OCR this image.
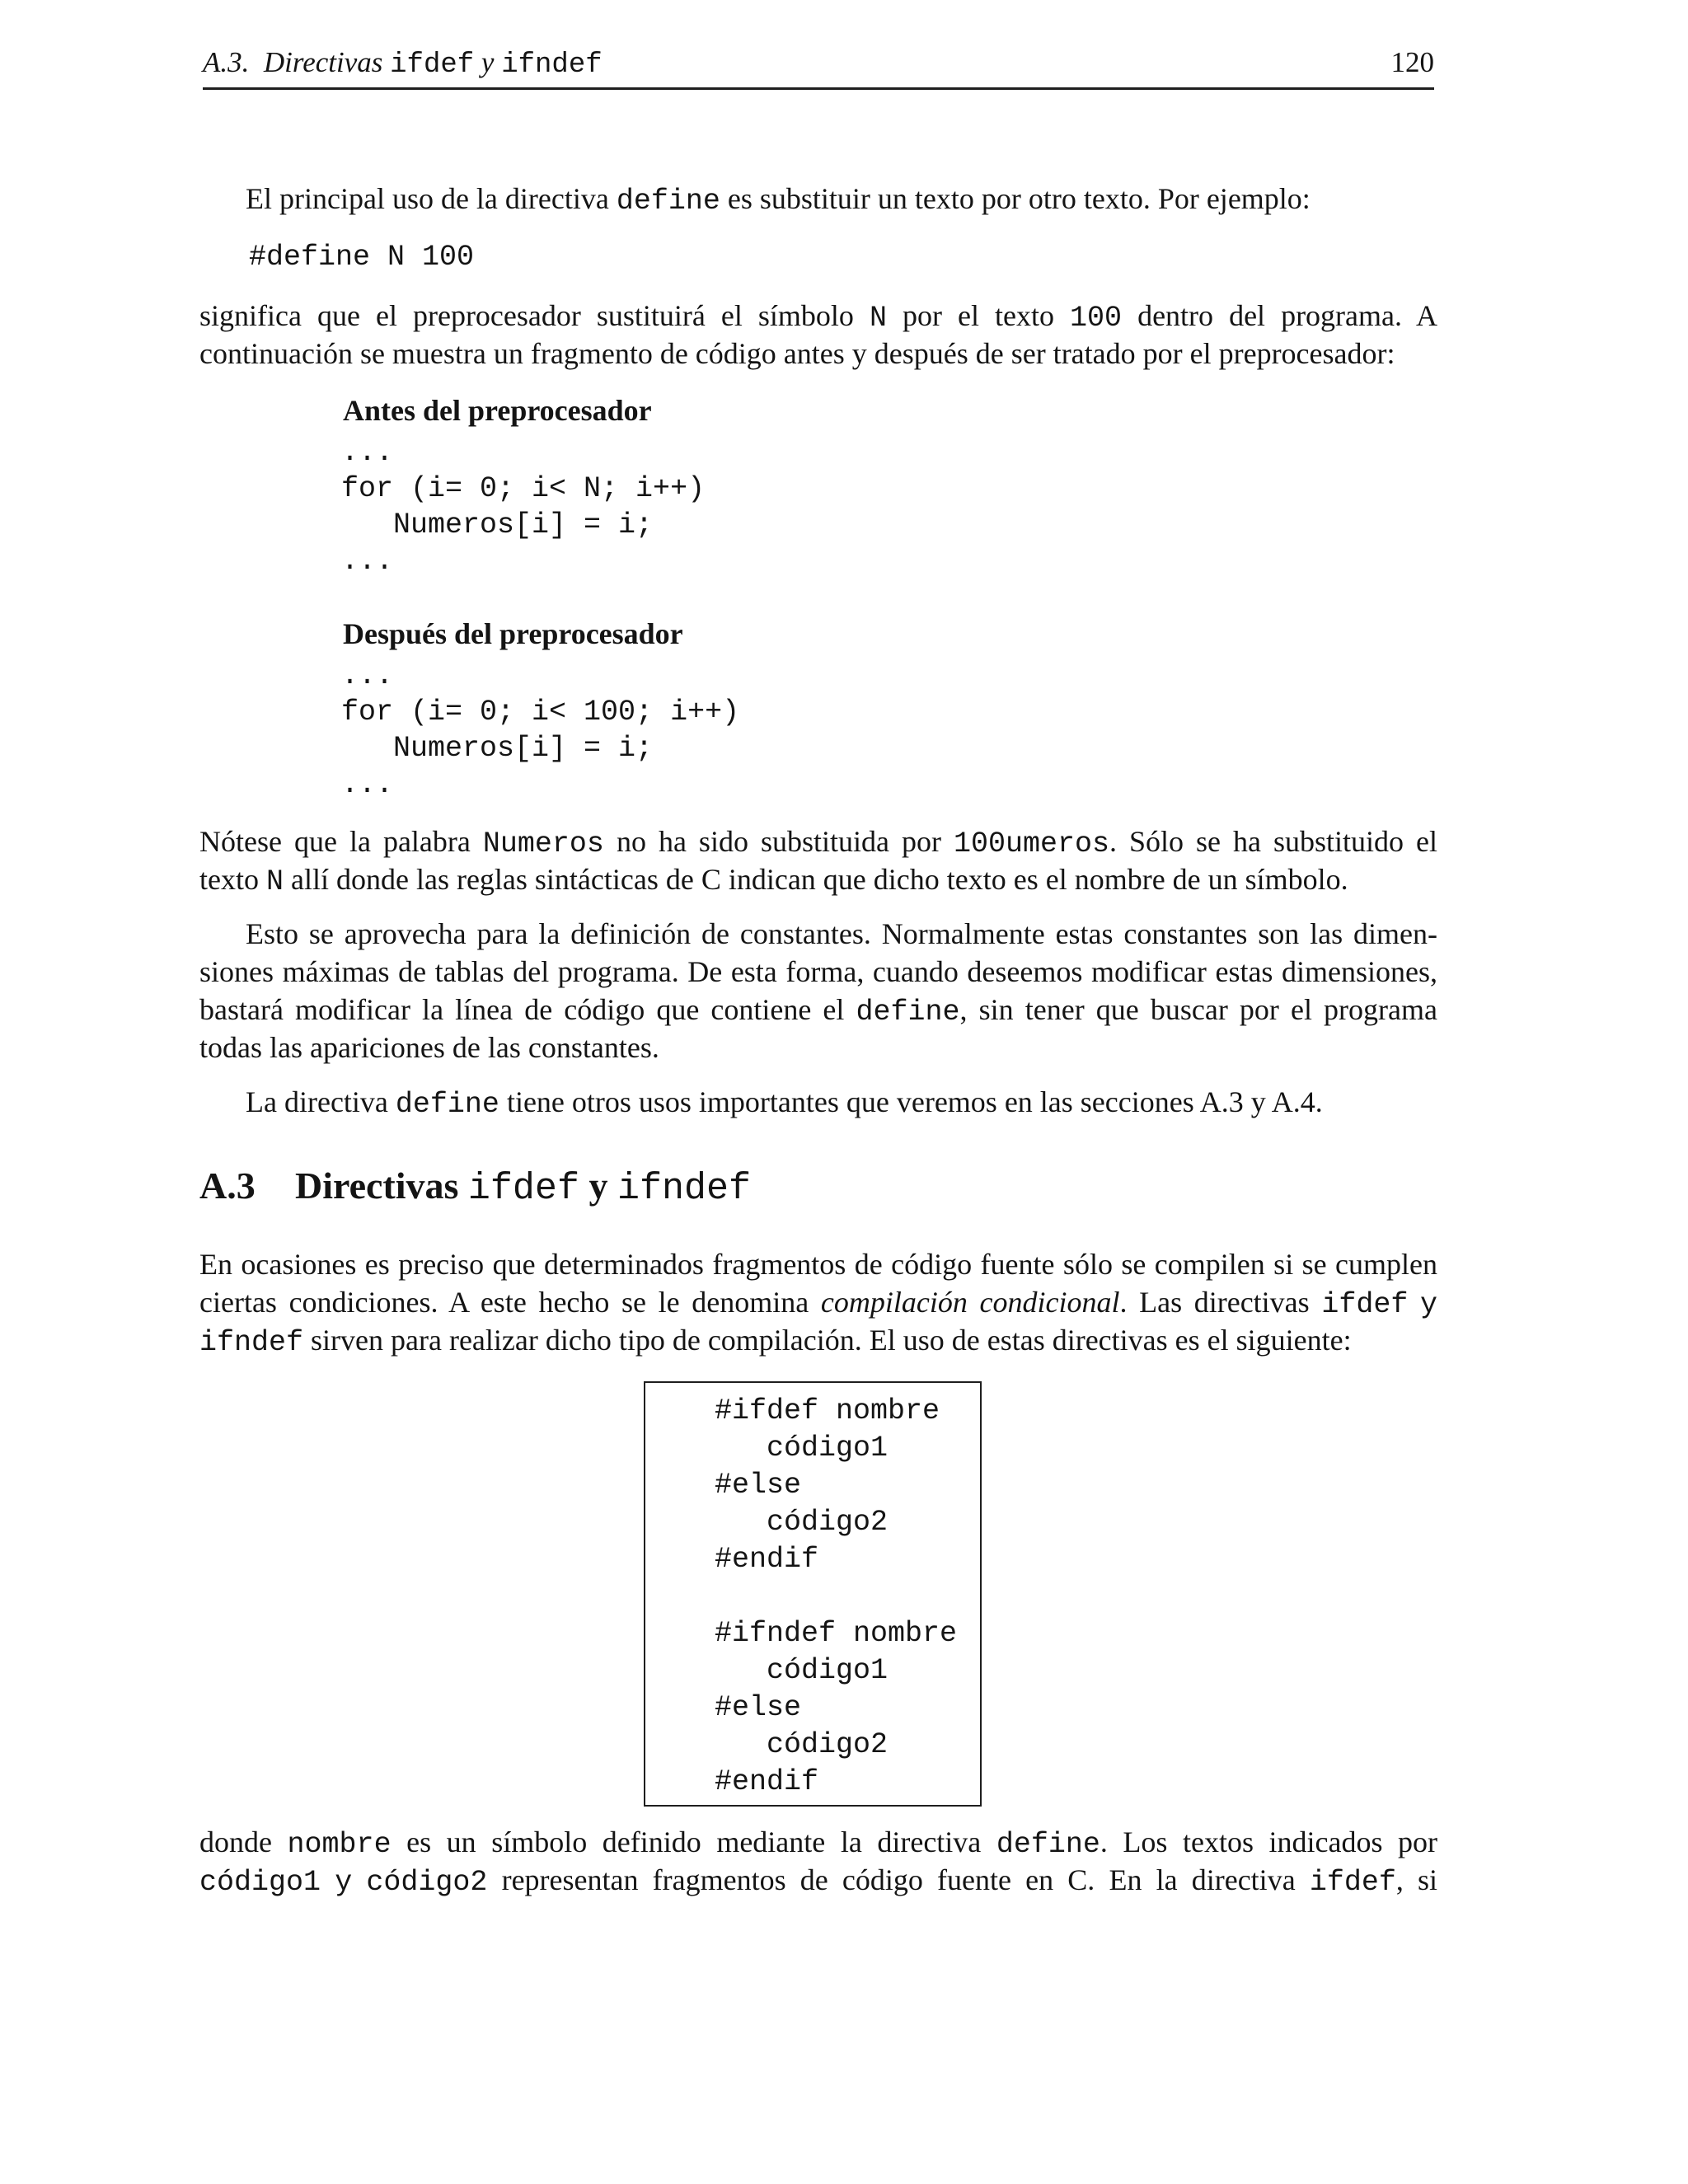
A.3. Directivas ifdef y ifndef	120
El principal uso de la directiva define es substituir un texto por otro texto. Por ejemplo:
#define N 100
significa que el preprocesador sustituirá el símbolo N por el texto 100 dentro del programa. A
continuación se muestra un fragmento de código antes y después de ser tratado por el preprocesador:
Antes del preprocesador
...
for (i= 0; i< N; i++)
Numeros[i] = i;
...
Después del preprocesador
...
for (i= 0; i< 100; i++)
Numeros[i] = i;
...
Nótese que la palabra Numeros no ha sido substituida por 100umeros. Sólo se ha substituido el
texto N allí donde las reglas sintácticas de C indican que dicho texto es el nombre de un símbolo.
Esto se aprovecha para la definición de constantes. Normalmente estas constantes son las dimen-
siones máximas de tablas del programa. De esta forma, cuando deseemos modificar estas dimensiones,
bastará modificar la línea de código que contiene el define, sin tener que buscar por el programa
todas las apariciones de las constantes.
La directiva define tiene otros usos importantes que veremos en las secciones A.3 y A.4.
A.3 Directivas ifdef y ifndef
En ocasiones es preciso que determinados fragmentos de código fuente sólo se compilen si se cumplen
ciertas condiciones. A este hecho se le denomina compilación condicional. Las directivas ifdef y
ifndef sirven para realizar dicho tipo de compilación. El uso de estas directivas es el siguiente:
#ifdef nombre
código1
#else
código2
#endif
#ifndef nombre
código1
#else
código2
#endif
donde nombre es un símbolo definido mediante la directiva define. Los textos indicados por
código1 y código2 representan fragmentos de código fuente en C. En la directiva ifdef, si
